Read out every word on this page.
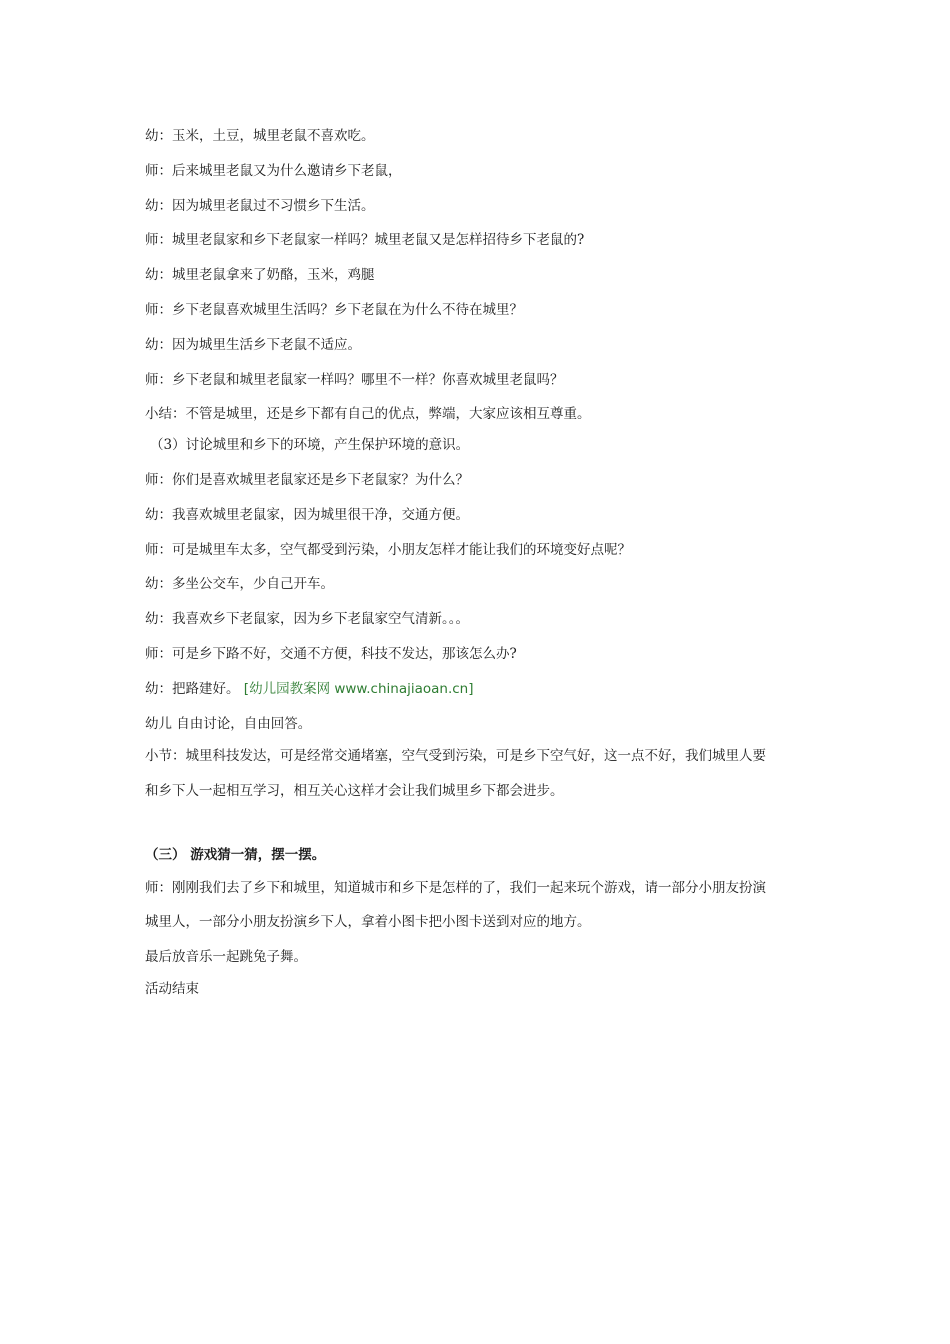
幼：玉米，土豆，城里老鼠不喜欢吃。
师：后来城里老鼠又为什么邀请乡下老鼠，
幼：因为城里老鼠过不习惯乡下生活。
师：城里老鼠家和乡下老鼠家一样吗？城里老鼠又是怎样招待乡下老鼠的?
幼：城里老鼠拿来了奶酪，玉米，鸡腿
师：乡下老鼠喜欢城里生活吗？乡下老鼠在为什么不待在城里？
幼：因为城里生活乡下老鼠不适应。
师：乡下老鼠和城里老鼠家一样吗？哪里不一样？你喜欢城里老鼠吗？
小结：不管是城里，还是乡下都有自己的优点，弊端，大家应该相互尊重。
（3）讨论城里和乡下的环境，产生保护环境的意识。
师：你们是喜欢城里老鼠家还是乡下老鼠家？为什么？
幼：我喜欢城里老鼠家，因为城里很干净，交通方便。
师：可是城里车太多，空气都受到污染，小朋友怎样才能让我们的环境变好点呢？
幼：多坐公交车，少自己开车。
幼：我喜欢乡下老鼠家，因为乡下老鼠家空气清新。。。
师：可是乡下路不好，交通不方便，科技不发达，那该怎么办?
幼：把路建好。 [幼儿园教案网 www.chinajiaoan.cn]
幼儿 自由讨论，自由回答。
小节：城里科技发达，可是经常交通堵塞，空气受到污染，可是乡下空气好，这一点不好，我们城里人要
和乡下人一起相互学习，相互关心这样才会让我们城里乡下都会进步。
（三） 游戏猜一猜，摆一摆。
师：刚刚我们去了乡下和城里，知道城市和乡下是怎样的了，我们一起来玩个游戏，请一部分小朋友扮演
城里人，一部分小朋友扮演乡下人，拿着小图卡把小图卡送到对应的地方。
最后放音乐一起跳兔子舞。
活动结束
